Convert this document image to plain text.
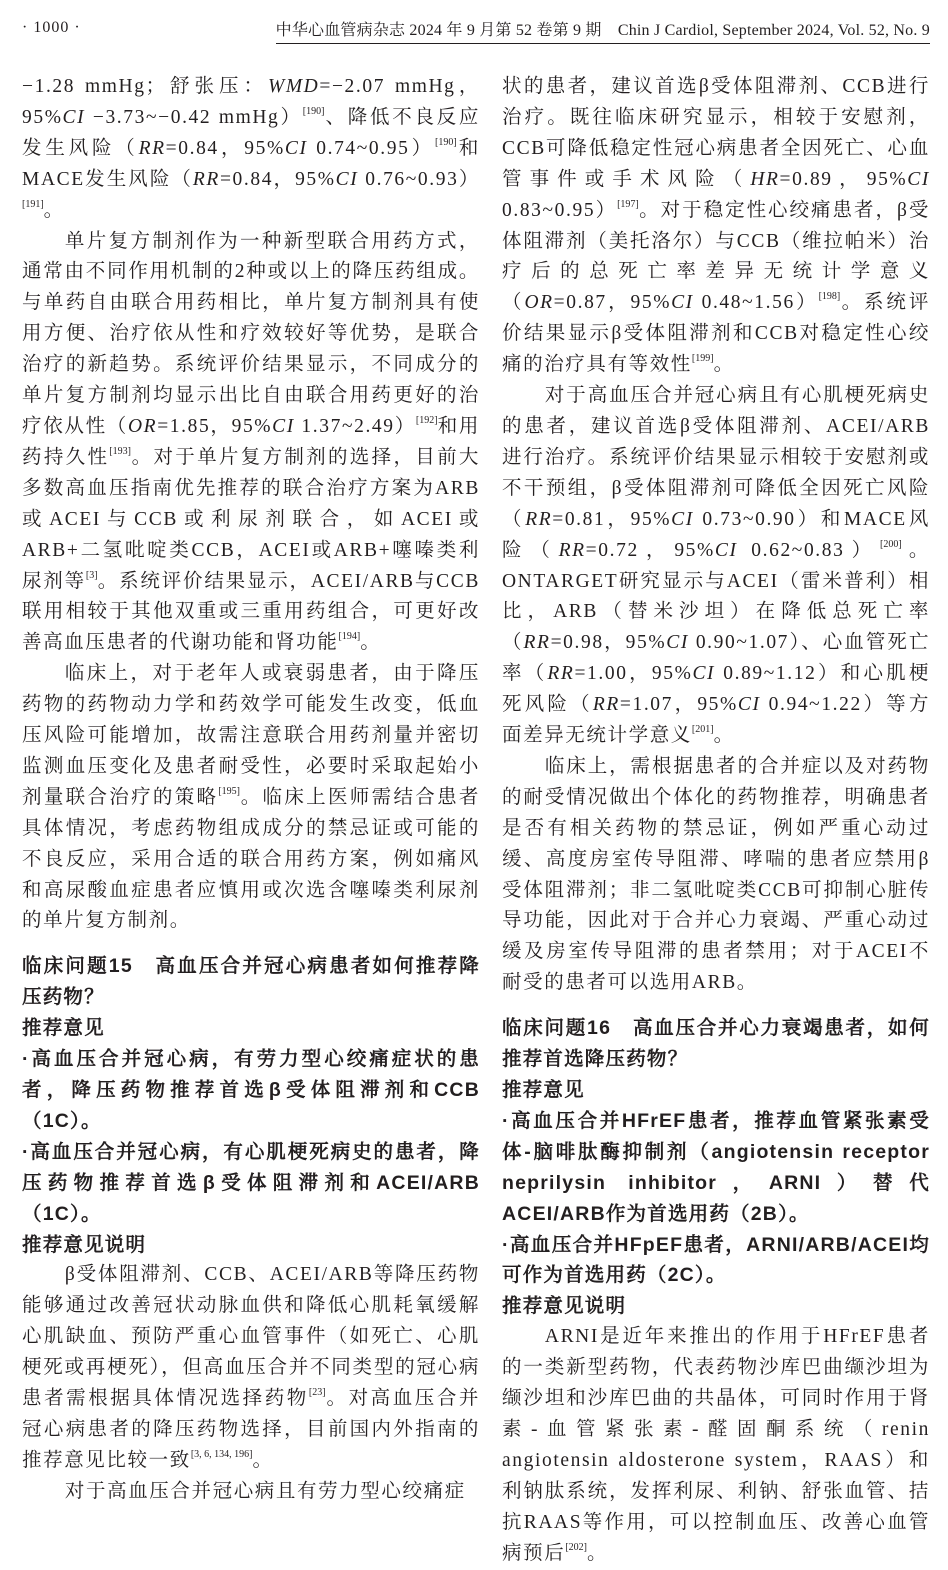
· 1000 ·	中华心血管病杂志 2024 年 9 月第 52 卷第 9 期　Chin J Cardiol, September 2024, Vol. 52, No. 9

−1.28 mmHg；舒张压：WMD=−2.07 mmHg，95%CI −3.73~−0.42 mmHg）[190]、降低不良反应发生风险（RR=0.84，95%CI 0.74~0.95）[190]和MACE发生风险（RR=0.84，95%CI 0.76~0.93）[191]。

单片复方制剂作为一种新型联合用药方式，通常由不同作用机制的2种或以上的降压药组成。与单药自由联合用药相比，单片复方制剂具有使用方便、治疗依从性和疗效较好等优势，是联合治疗的新趋势。系统评价结果显示，不同成分的单片复方制剂均显示出比自由联合用药更好的治疗依从性（OR=1.85，95%CI 1.37~2.49）[192]和用药持久性[193]。对于单片复方制剂的选择，目前大多数高血压指南优先推荐的联合治疗方案为ARB或ACEI与CCB或利尿剂联合，如ACEI或ARB+二氢吡啶类CCB，ACEI或ARB+噻嗪类利尿剂等[3]。系统评价结果显示，ACEI/ARB与CCB联用相较于其他双重或三重用药组合，可更好改善高血压患者的代谢功能和肾功能[194]。

临床上，对于老年人或衰弱患者，由于降压药物的药物动力学和药效学可能发生改变，低血压风险可能增加，故需注意联合用药剂量并密切监测血压变化及患者耐受性，必要时采取起始小剂量联合治疗的策略[195]。临床上医师需结合患者具体情况，考虑药物组成成分的禁忌证或可能的不良反应，采用合适的联合用药方案，例如痛风和高尿酸血症患者应慎用或次选含噻嗪类利尿剂的单片复方制剂。

临床问题15　高血压合并冠心病患者如何推荐降压药物？

推荐意见

·高血压合并冠心病，有劳力型心绞痛症状的患者，降压药物推荐首选β受体阻滞剂和CCB（1C）。

·高血压合并冠心病，有心肌梗死病史的患者，降压药物推荐首选β受体阻滞剂和ACEI/ARB（1C）。

推荐意见说明

β受体阻滞剂、CCB、ACEI/ARB等降压药物能够通过改善冠状动脉血供和降低心肌耗氧缓解心肌缺血、预防严重心血管事件（如死亡、心肌梗死或再梗死），但高血压合并不同类型的冠心病患者需根据具体情况选择药物[23]。对高血压合并冠心病患者的降压药物选择，目前国内外指南的推荐意见比较一致[3, 6, 134, 196]。

对于高血压合并冠心病且有劳力型心绞痛症

状的患者，建议首选β受体阻滞剂、CCB进行治疗。既往临床研究显示，相较于安慰剂，CCB可降低稳定性冠心病患者全因死亡、心血管事件或手术风险（HR=0.89，95%CI 0.83~0.95）[197]。对于稳定性心绞痛患者，β受体阻滞剂（美托洛尔）与CCB（维拉帕米）治疗后的总死亡率差异无统计学意义（OR=0.87，95%CI 0.48~1.56）[198]。系统评价结果显示β受体阻滞剂和CCB对稳定性心绞痛的治疗具有等效性[199]。

对于高血压合并冠心病且有心肌梗死病史的患者，建议首选β受体阻滞剂、ACEI/ARB进行治疗。系统评价结果显示相较于安慰剂或不干预组，β受体阻滞剂可降低全因死亡风险（RR=0.81，95%CI 0.73~0.90）和MACE风险（RR=0.72，95%CI 0.62~0.83）[200]。ONTARGET研究显示与ACEI（雷米普利）相比，ARB（替米沙坦）在降低总死亡率（RR=0.98，95%CI 0.90~1.07）、心血管死亡率（RR=1.00，95%CI 0.89~1.12）和心肌梗死风险（RR=1.07，95%CI 0.94~1.22）等方面差异无统计学意义[201]。

临床上，需根据患者的合并症以及对药物的耐受情况做出个体化的药物推荐，明确患者是否有相关药物的禁忌证，例如严重心动过缓、高度房室传导阻滞、哮喘的患者应禁用β受体阻滞剂；非二氢吡啶类CCB可抑制心脏传导功能，因此对于合并心力衰竭、严重心动过缓及房室传导阻滞的患者禁用；对于ACEI不耐受的患者可以选用ARB。

临床问题16　高血压合并心力衰竭患者，如何推荐首选降压药物？

推荐意见

·高血压合并HFrEF患者，推荐血管紧张素受体-脑啡肽酶抑制剂（angiotensin receptor neprilysin inhibitor，ARNI）替代ACEI/ARB作为首选用药（2B）。

·高血压合并HFpEF患者，ARNI/ARB/ACEI均可作为首选用药（2C）。

推荐意见说明

ARNI是近年来推出的作用于HFrEF患者的一类新型药物，代表药物沙库巴曲缬沙坦为缬沙坦和沙库巴曲的共晶体，可同时作用于肾素-血管紧张素-醛固酮系统（renin angiotensin aldosterone system，RAAS）和利钠肽系统，发挥利尿、利钠、舒张血管、拮抗RAAS等作用，可以控制血压、改善心血管病预后[202]。
